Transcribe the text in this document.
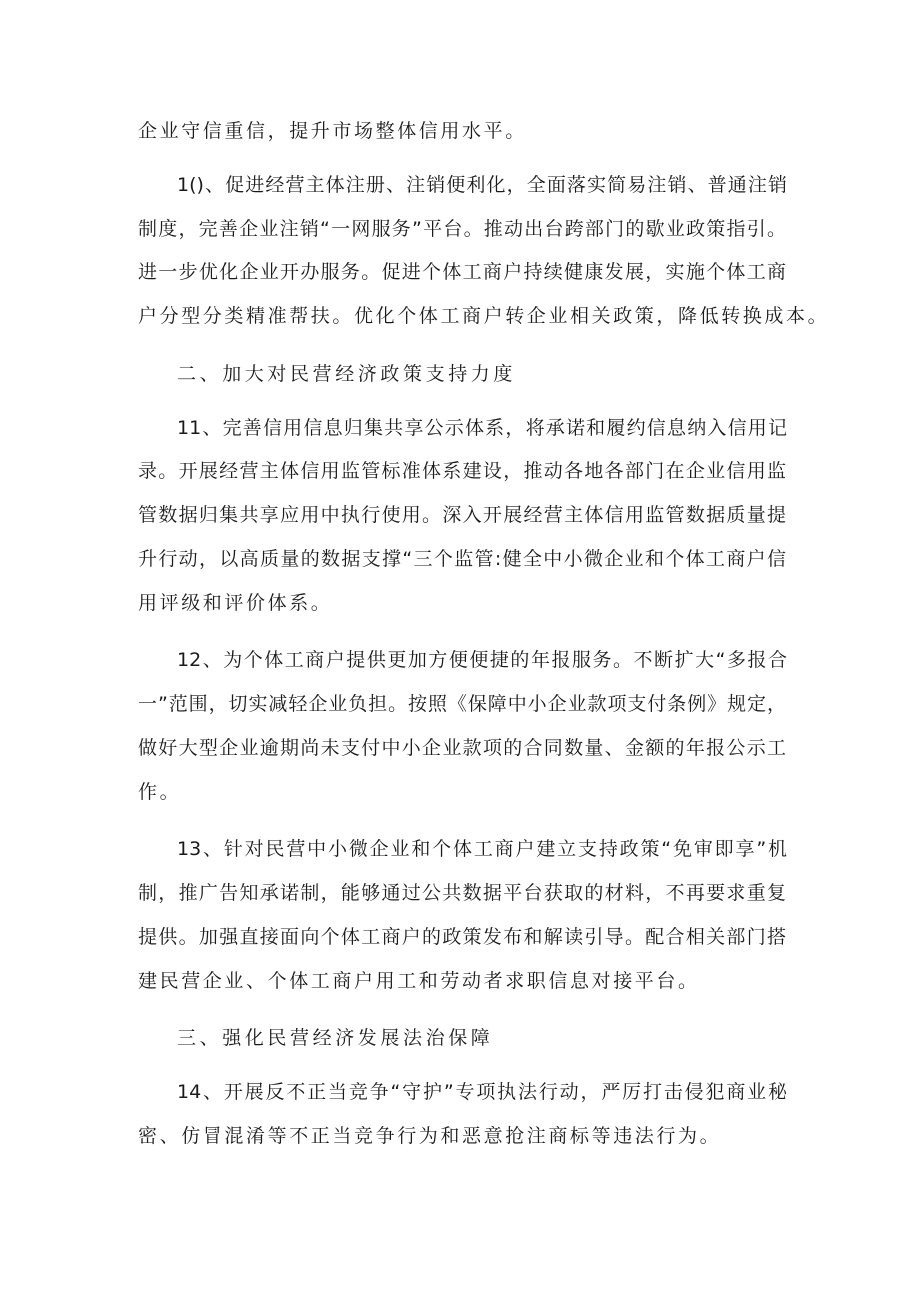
企业守信重信，提升市场整体信用水平。
1()、促进经营主体注册、注销便利化，全面落实简易注销、普通注销
制度，完善企业注销“一网服务”平台。推动出台跨部门的歇业政策指引。
进一步优化企业开办服务。促进个体工商户持续健康发展，实施个体工商
户分型分类精准帮扶。优化个体工商户转企业相关政策，降低转换成本。
二、加大对民营经济政策支持力度
11、完善信用信息归集共享公示体系，将承诺和履约信息纳入信用记
录。开展经营主体信用监管标准体系建设，推动各地各部门在企业信用监
管数据归集共享应用中执行使用。深入开展经营主体信用监管数据质量提
升行动，以高质量的数据支撑“三个监管:健全中小微企业和个体工商户信
用评级和评价体系。
12、为个体工商户提供更加方便便捷的年报服务。不断扩大“多报合
一”范围，切实减轻企业负担。按照《保障中小企业款项支付条例》规定，
做好大型企业逾期尚未支付中小企业款项的合同数量、金额的年报公示工
作。
13、针对民营中小微企业和个体工商户建立支持政策“免审即享”机
制，推广告知承诺制，能够通过公共数据平台获取的材料，不再要求重复
提供。加强直接面向个体工商户的政策发布和解读引导。配合相关部门搭
建民营企业、个体工商户用工和劳动者求职信息对接平台。
三、强化民营经济发展法治保障
14、开展反不正当竞争“守护”专项执法行动，严厉打击侵犯商业秘
密、仿冒混淆等不正当竞争行为和恶意抢注商标等违法行为。
